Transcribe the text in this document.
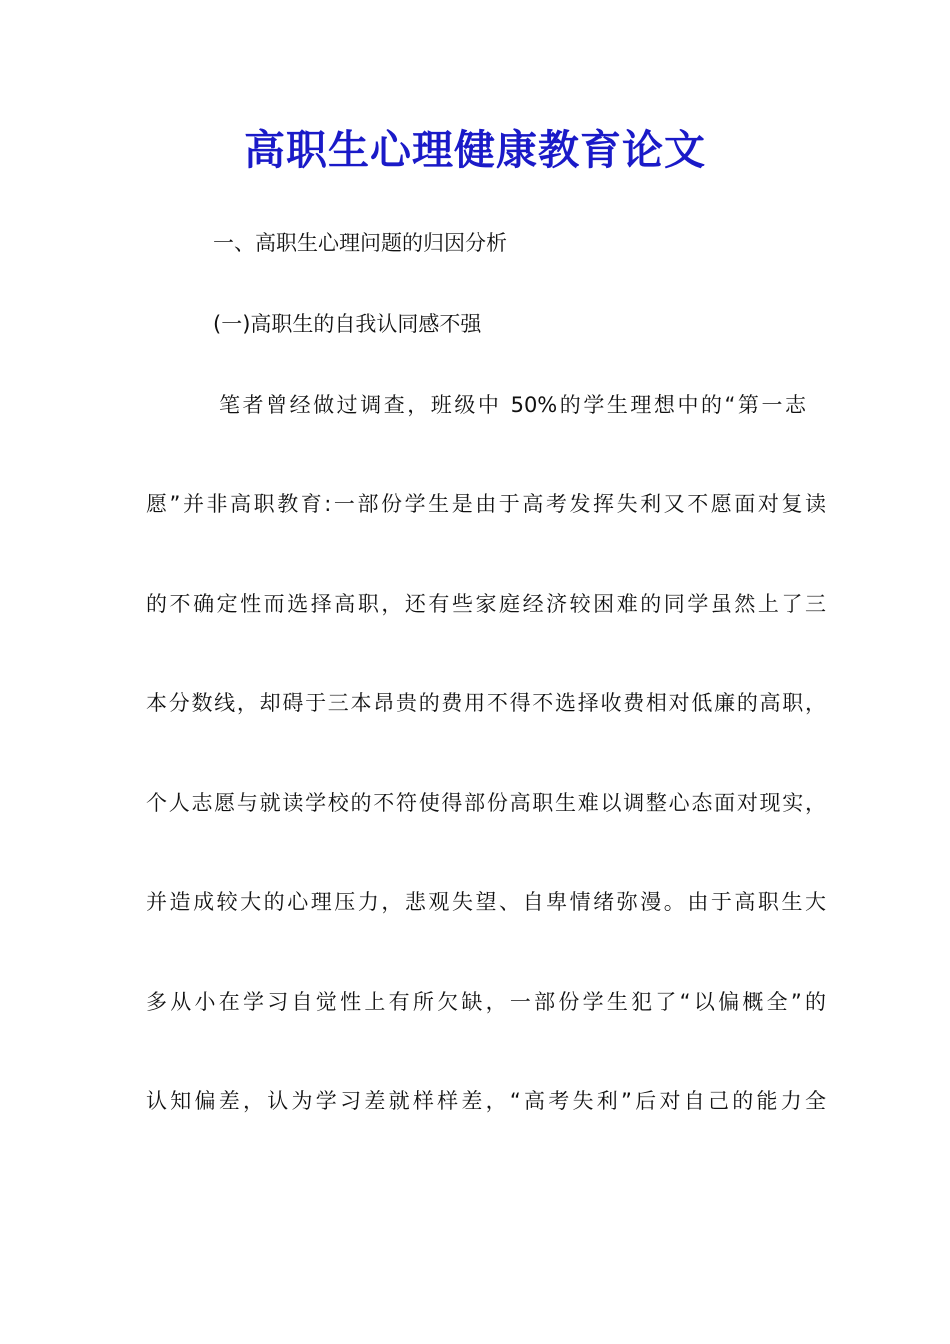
高职生心理健康教育论文

一、高职生心理问题的归因分析

(一)高职生的自我认同感不强

笔者曾经做过调查，班级中 50%的学生理想中的“第一志

愿”并非高职教育:一部份学生是由于高考发挥失利又不愿面对复读

的不确定性而选择高职，还有些家庭经济较困难的同学虽然上了三

本分数线，却碍于三本昂贵的费用不得不选择收费相对低廉的高职，

个人志愿与就读学校的不符使得部份高职生难以调整心态面对现实，

并造成较大的心理压力，悲观失望、自卑情绪弥漫。由于高职生大

多从小在学习自觉性上有所欠缺，一部份学生犯了“以偏概全”的

认知偏差，认为学习差就样样差，“高考失利”后对自己的能力全
